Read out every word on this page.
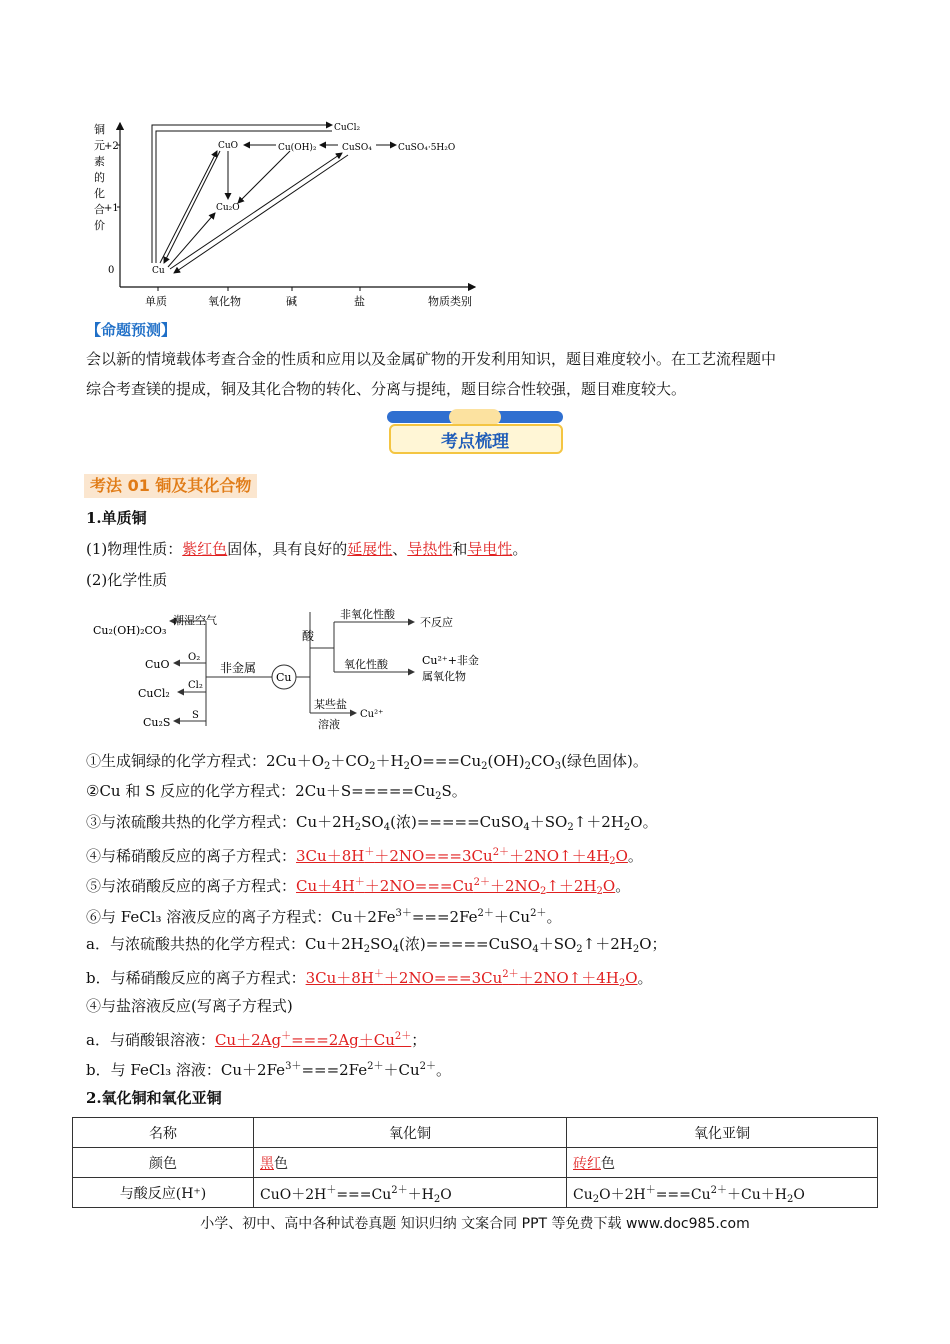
铜
元
素
的
化
合
价
+2
+1
0
单质	氧化物	碱	盐	物质类别
Cu
CuO
Cu₂O
Cu(OH)₂	CuSO₄	CuSO₄·5H₂O
CuCl₂
【命题预测】
会以新的情境载体考查合金的性质和应用以及金属矿物的开发利用知识，题目难度较小。在工艺流程题中
综合考查镁的提成，铜及其化合物的转化、分离与提纯，题目综合性较强，题目难度较大。
考点梳理
考法 01 铜及其化合物
1.单质铜
(1)物理性质：紫红色固体，具有良好的延展性、导热性和导电性。
(2)化学性质
Cu₂(OH)₂CO₃
潮湿空气
CuO
O₂
CuCl₂
Cl₂
Cu₂S
S
非金属
Cu
酸
非氧化性酸
不反应
氧化性酸	Cu²⁺+非金
属氧化物
某些盐
溶液
Cu²⁺
①生成铜绿的化学方程式：$2Cu+O_2+CO_2+H_2O===Cu_2(OH)_2CO_3$(绿色固体)。
②Cu 和 S 反应的化学方程式：$2Cu+S=====Cu_2S$。
③与浓硫酸共热的化学方程式：$Cu+2H_2SO_4$(浓)$=====CuSO_4+SO_2↑+2H_2O$。
④与稀硝酸反应的离子方程式：$3Cu+8H^++2NO===3Cu^{2+}+2NO↑+4H_2O$。
⑤与浓硝酸反应的离子方程式：$Cu+4H^++2NO===Cu^{2+}+2NO_2↑+2H_2O$。
⑥与 FeCl₃ 溶液反应的离子方程式：$Cu+2Fe^{3+}===2Fe^{2+}+Cu^{2+}$。
a．与浓硫酸共热的化学方程式：$Cu+2H_2SO_4$(浓)$=====CuSO_4+SO_2↑+2H_2O$；
b．与稀硝酸反应的离子方程式：$3Cu+8H^++2NO===3Cu^{2+}+2NO↑+4H_2O$。
④与盐溶液反应(写离子方程式)
a．与硝酸银溶液：$Cu+2Ag^+===2Ag+Cu^{2+}$；
b．与 FeCl₃ 溶液：$Cu+2Fe^{3+}===2Fe^{2+}+Cu^{2+}$。
2.氧化铜和氧化亚铜
名称	氧化铜	氧化亚铜
颜色	黑色	砖红色
与酸反应(H⁺)	$CuO+2H^+===Cu^{2+}+H_2O$	$Cu_2O+2H^+===Cu^{2+}+Cu+H_2O$
小学、初中、高中各种试卷真题 知识归纳 文案合同 PPT 等免费下载 www.doc985.com
